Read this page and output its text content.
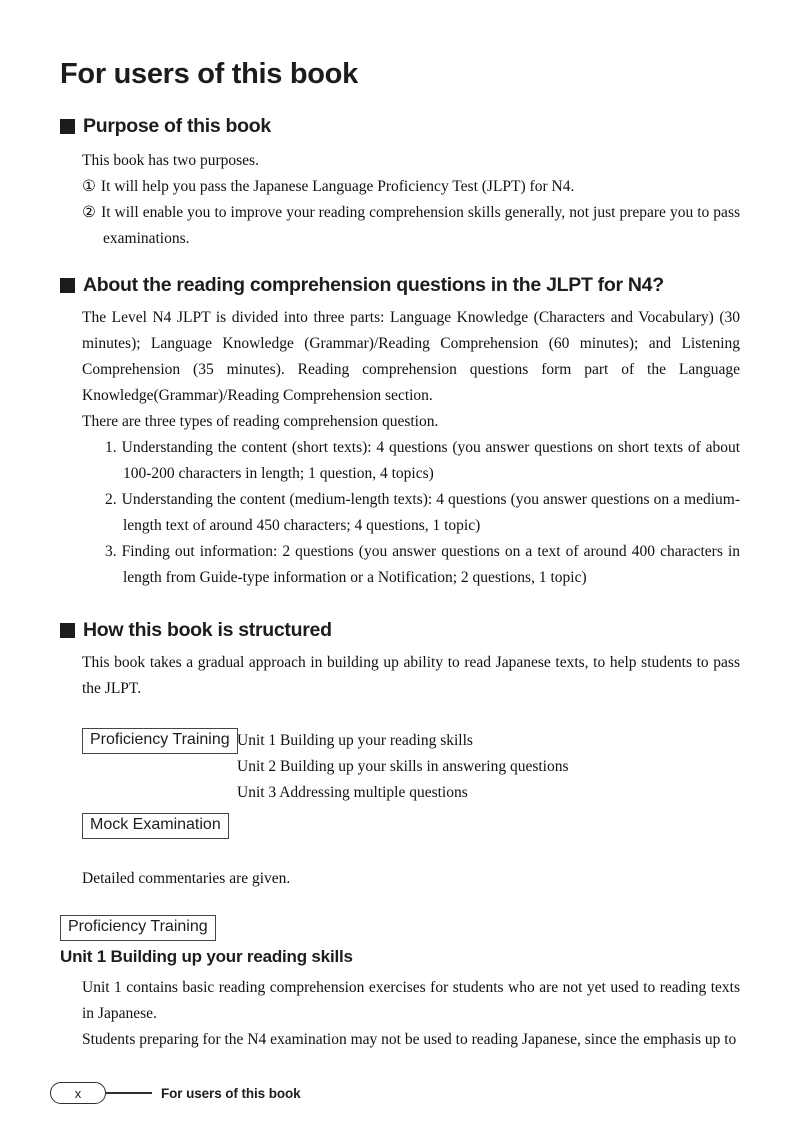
For users of this book
Purpose of this book

This book has two purposes.

① It will help you pass the Japanese Language Proficiency Test (JLPT) for N4.

② It will enable you to improve your reading comprehension skills generally, not just prepare you to pass examinations.

About the reading comprehension questions in the JLPT for N4?

The Level N4 JLPT is divided into three parts: Language Knowledge (Characters and Vocabulary) (30 minutes); Language Knowledge (Grammar)/Reading Comprehension (60 minutes); and Listening Comprehension (35 minutes). Reading comprehension questions form part of the Language Knowledge(Grammar)/Reading Comprehension section.

There are three types of reading comprehension question.

1. Understanding the content (short texts): 4 questions (you answer questions on short texts of about 100-200 characters in length; 1 question, 4 topics)

2. Understanding the content (medium-length texts): 4 questions (you answer questions on a medium-length text of around 450 characters; 4 questions, 1 topic)

3. Finding out information: 2 questions (you answer questions on a text of around 400 characters in length from Guide-type information or a Notification; 2 questions, 1 topic)

How this book is structured

This book takes a gradual approach in building up ability to read Japanese texts, to help students to pass the JLPT.

Proficiency Training Unit 1 Building up your reading skills

Unit 2 Building up your skills in answering questions

Unit 3 Addressing multiple questions

Mock Examination

Detailed commentaries are given.

Proficiency Training
Unit 1 Building up your reading skills

Unit 1 contains basic reading comprehension exercises for students who are not yet used to reading texts in Japanese.

Students preparing for the N4 examination may not be used to reading Japanese, since the emphasis up to

x	For users of this book
